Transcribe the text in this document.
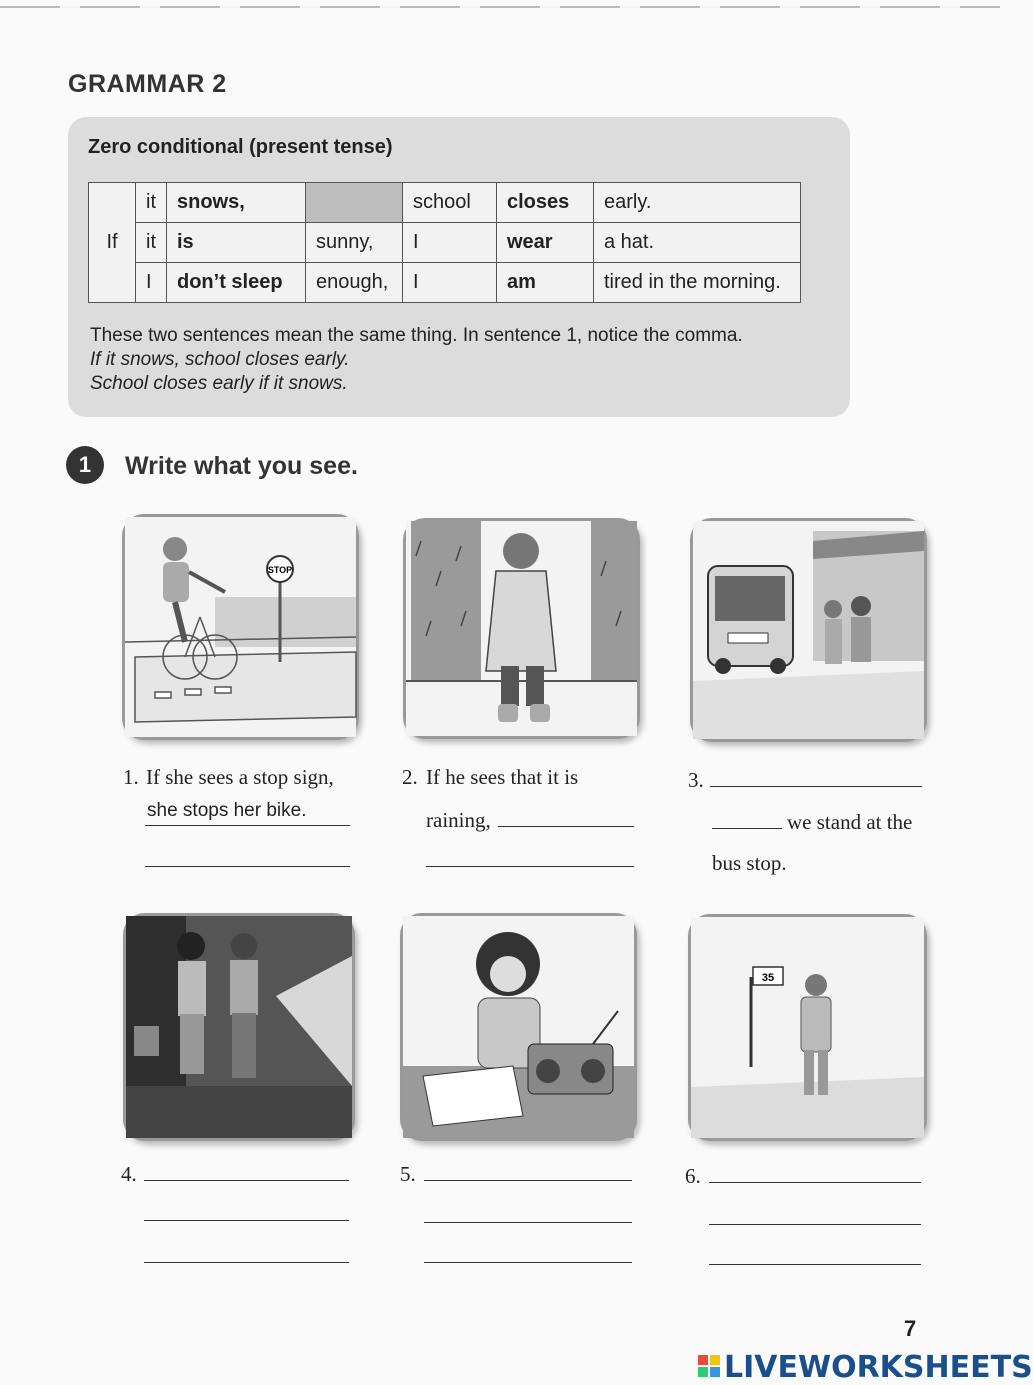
GRAMMAR 2
Zero conditional (present tense)
If	it	snows,		school	closes	early.
	it	is	sunny,	I	wear	a hat.
	I	don’t sleep	enough,	I	am	tired in the morning.
These two sentences mean the same thing. In sentence 1, notice the comma.
If it snows, school closes early.
School closes early if it snows.
1	Write what you see.
STOP
1. If she sees a stop sign,
she stops her bike.
2. If he sees that it is
raining,
3.
we stand at the
bus stop.
35
4.	5.	6.
7
LIVEWORKSHEETS
